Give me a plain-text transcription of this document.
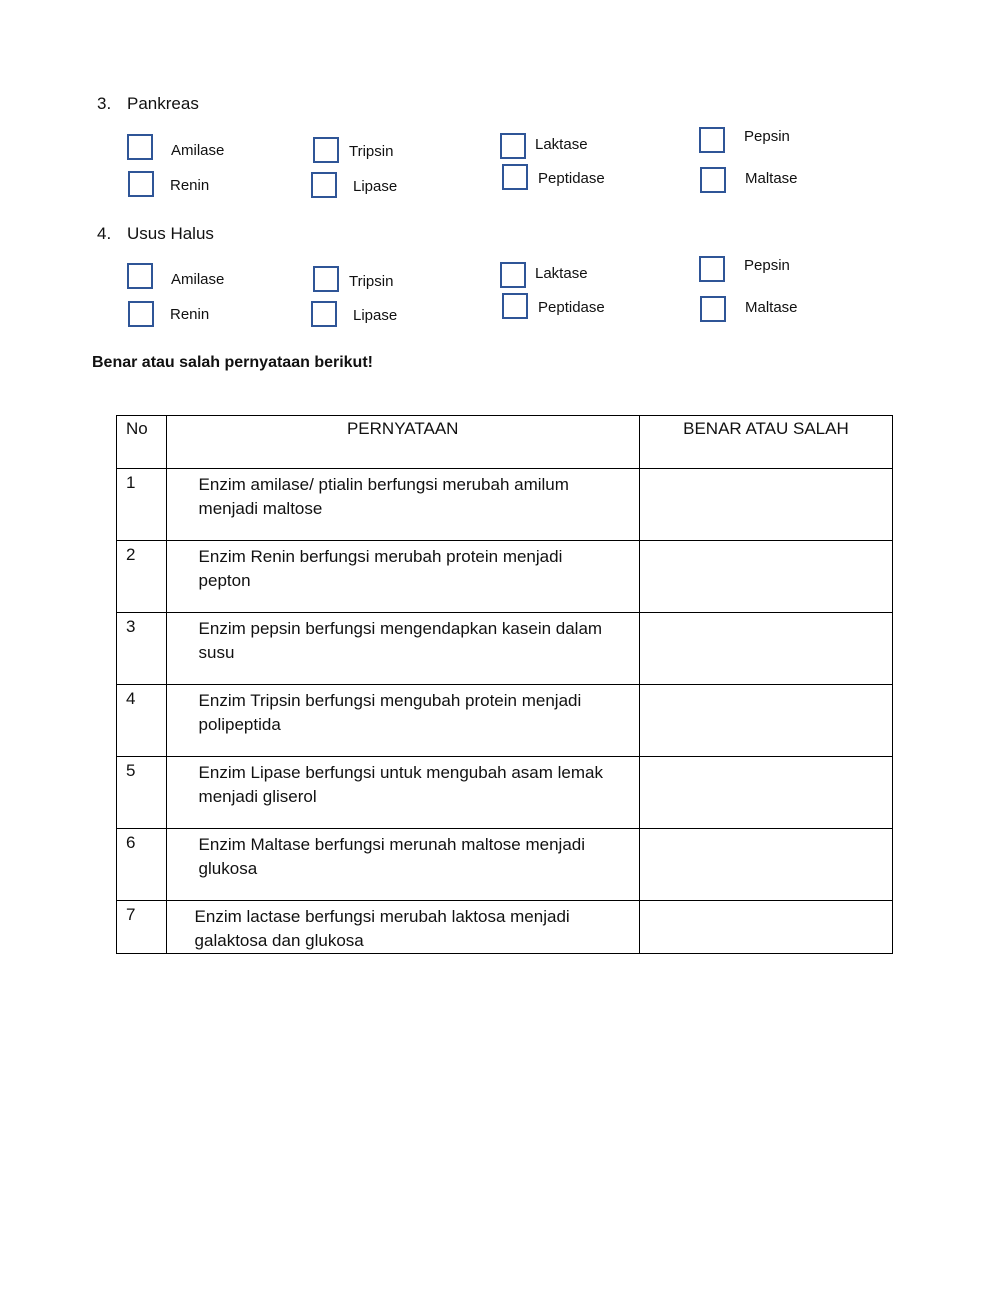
3. Pankreas
Amilase	Tripsin	Laktase	Pepsin
Renin	Lipase	Peptidase	Maltase
4. Usus Halus
Amilase	Tripsin	Laktase	Pepsin
Renin	Lipase	Peptidase	Maltase
Benar atau salah pernyataan berikut!
No	PERNYATAAN	BENAR ATAU SALAH
1	Enzim amilase/ ptialin berfungsi merubah amilum menjadi maltose	

2	Enzim Renin berfungsi merubah protein menjadi pepton	

3	Enzim pepsin berfungsi mengendapkan kasein dalam susu	

4	Enzim Tripsin berfungsi mengubah protein menjadi polipeptida	

5	Enzim Lipase berfungsi untuk mengubah asam lemak menjadi gliserol	

6	Enzim Maltase berfungsi merunah maltose menjadi glukosa	

7	Enzim lactase berfungsi merubah laktosa menjadi galaktosa dan glukosa	
